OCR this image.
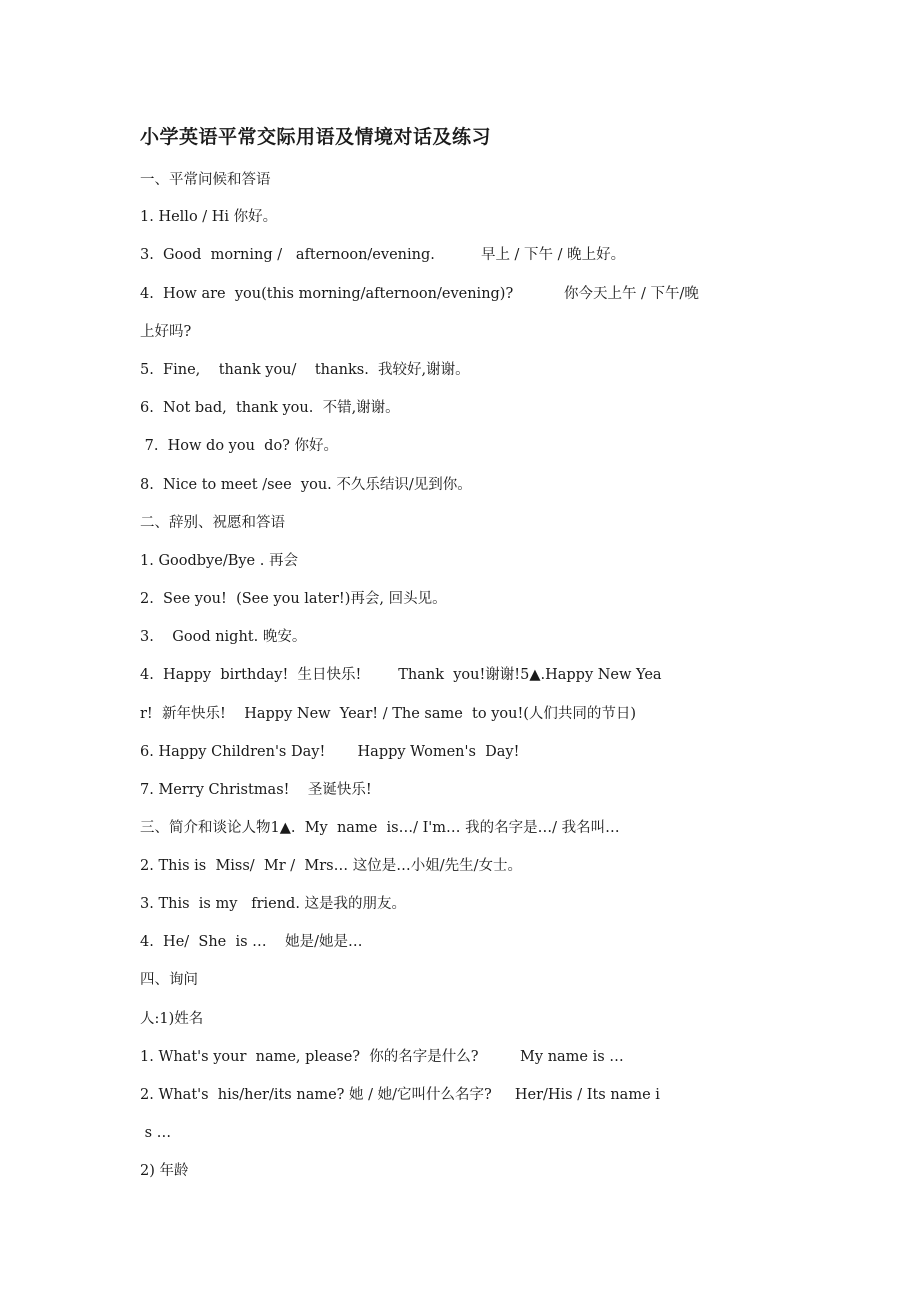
小学英语平常交际用语及情境对话及练习
一、平常问候和答语
1. Hello / Hi 你好。
3.  Good  morning /   afternoon/evening.          早上 / 下午 / 晚上好。
4.  How are  you(this morning/afternoon/evening)?           你今天上午 / 下午/晚
上好吗?
5.  Fine,    thank you/    thanks.  我较好,谢谢。
6.  Not bad,  thank you.  不错,谢谢。
7.  How do you  do? 你好。
8.  Nice to meet /see  you. 不久乐结识/见到你。
二、辞别、祝愿和答语
1. Goodbye/Bye . 再会
2.  See you!  (See you later!)再会, 回头见。
3.    Good night. 晚安。
4.  Happy  birthday!  生日快乐!        Thank  you!谢谢!5▲.Happy New Yea
r!  新年快乐!    Happy New  Year! / The same  to you!(人们共同的节日)
6. Happy Children's Day!       Happy Women's  Day!
7. Merry Christmas!    圣诞快乐!
三、简介和谈论人物1▲.  My  name  is…/ I'm… 我的名字是…/ 我名叫…
2. This is  Miss/  Mr /  Mrs… 这位是…小姐/先生/女士。
3. This  is my   friend. 这是我的朋友。
4.  He/  She  is …    她是/她是…
四、询问
人:1)姓名
1. What's your  name, please?  你的名字是什么?         My name is …
2. What's  his/her/its name? 她 / 她/它叫什么名字?     Her/His / Its name i
s …
2) 年龄
